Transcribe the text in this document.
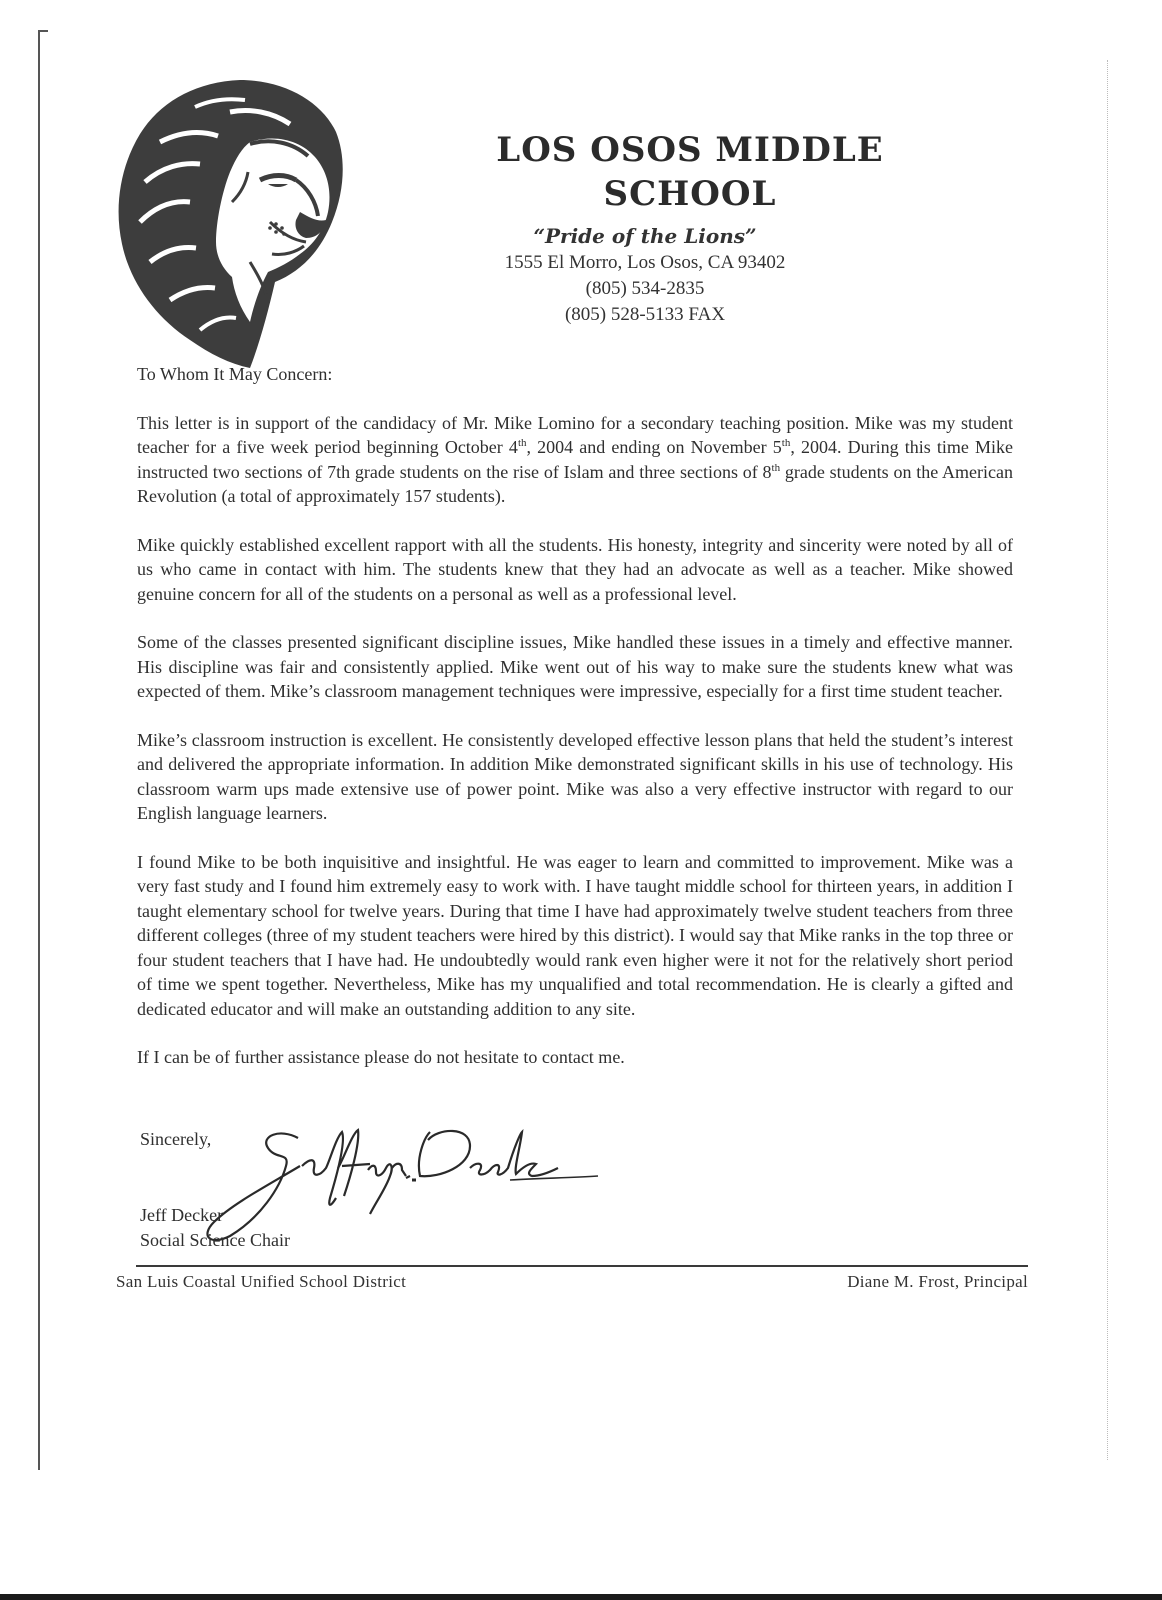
LOS OSOS MIDDLE SCHOOL
“Pride of the Lions”
1555 El Morro, Los Osos, CA 93402
(805) 534-2835
(805) 528-5133 FAX

To Whom It May Concern:

This letter is in support of the candidacy of Mr. Mike Lomino for a secondary teaching position. Mike was my student teacher for a five week period beginning October 4th, 2004 and ending on November 5th, 2004. During this time Mike instructed two sections of 7th grade students on the rise of Islam and three sections of 8th grade students on the American Revolution (a total of approximately 157 students).

Mike quickly established excellent rapport with all the students. His honesty, integrity and sincerity were noted by all of us who came in contact with him. The students knew that they had an advocate as well as a teacher. Mike showed genuine concern for all of the students on a personal as well as a professional level.

Some of the classes presented significant discipline issues, Mike handled these issues in a timely and effective manner. His discipline was fair and consistently applied. Mike went out of his way to make sure the students knew what was expected of them. Mike’s classroom management techniques were impressive, especially for a first time student teacher.

Mike’s classroom instruction is excellent. He consistently developed effective lesson plans that held the student’s interest and delivered the appropriate information. In addition Mike demonstrated significant skills in his use of technology. His classroom warm ups made extensive use of power point. Mike was also a very effective instructor with regard to our English language learners.

I found Mike to be both inquisitive and insightful. He was eager to learn and committed to improvement. Mike was a very fast study and I found him extremely easy to work with. I have taught middle school for thirteen years, in addition I taught elementary school for twelve years. During that time I have had approximately twelve student teachers from three different colleges (three of my student teachers were hired by this district). I would say that Mike ranks in the top three or four student teachers that I have had. He undoubtedly would rank even higher were it not for the relatively short period of time we spent together. Nevertheless, Mike has my unqualified and total recommendation. He is clearly a gifted and dedicated educator and will make an outstanding addition to any site.

If I can be of further assistance please do not hesitate to contact me.

Sincerely,
Jeff Decker
Social Science Chair
San Luis Coastal Unified School District	Diane M. Frost, Principal
